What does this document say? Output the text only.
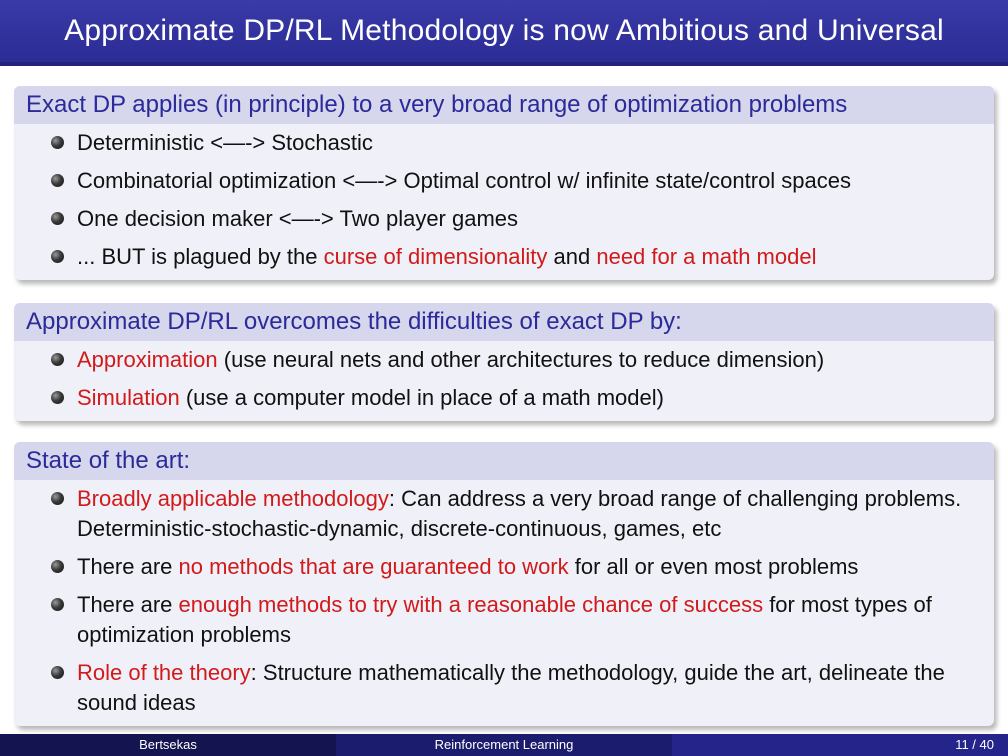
Approximate DP/RL Methodology is now Ambitious and Universal
Exact DP applies (in principle) to a very broad range of optimization problems
Deterministic <—-> Stochastic
Combinatorial optimization <—-> Optimal control w/ infinite state/control spaces
One decision maker <—-> Two player games
... BUT is plagued by the curse of dimensionality and need for a math model
Approximate DP/RL overcomes the difficulties of exact DP by:
Approximation (use neural nets and other architectures to reduce dimension)
Simulation (use a computer model in place of a math model)
State of the art:
Broadly applicable methodology: Can address a very broad range of challenging problems. Deterministic-stochastic-dynamic, discrete-continuous, games, etc
There are no methods that are guaranteed to work for all or even most problems
There are enough methods to try with a reasonable chance of success for most types of optimization problems
Role of the theory: Structure mathematically the methodology, guide the art, delineate the sound ideas
Bertsekas	Reinforcement Learning	11 / 40
